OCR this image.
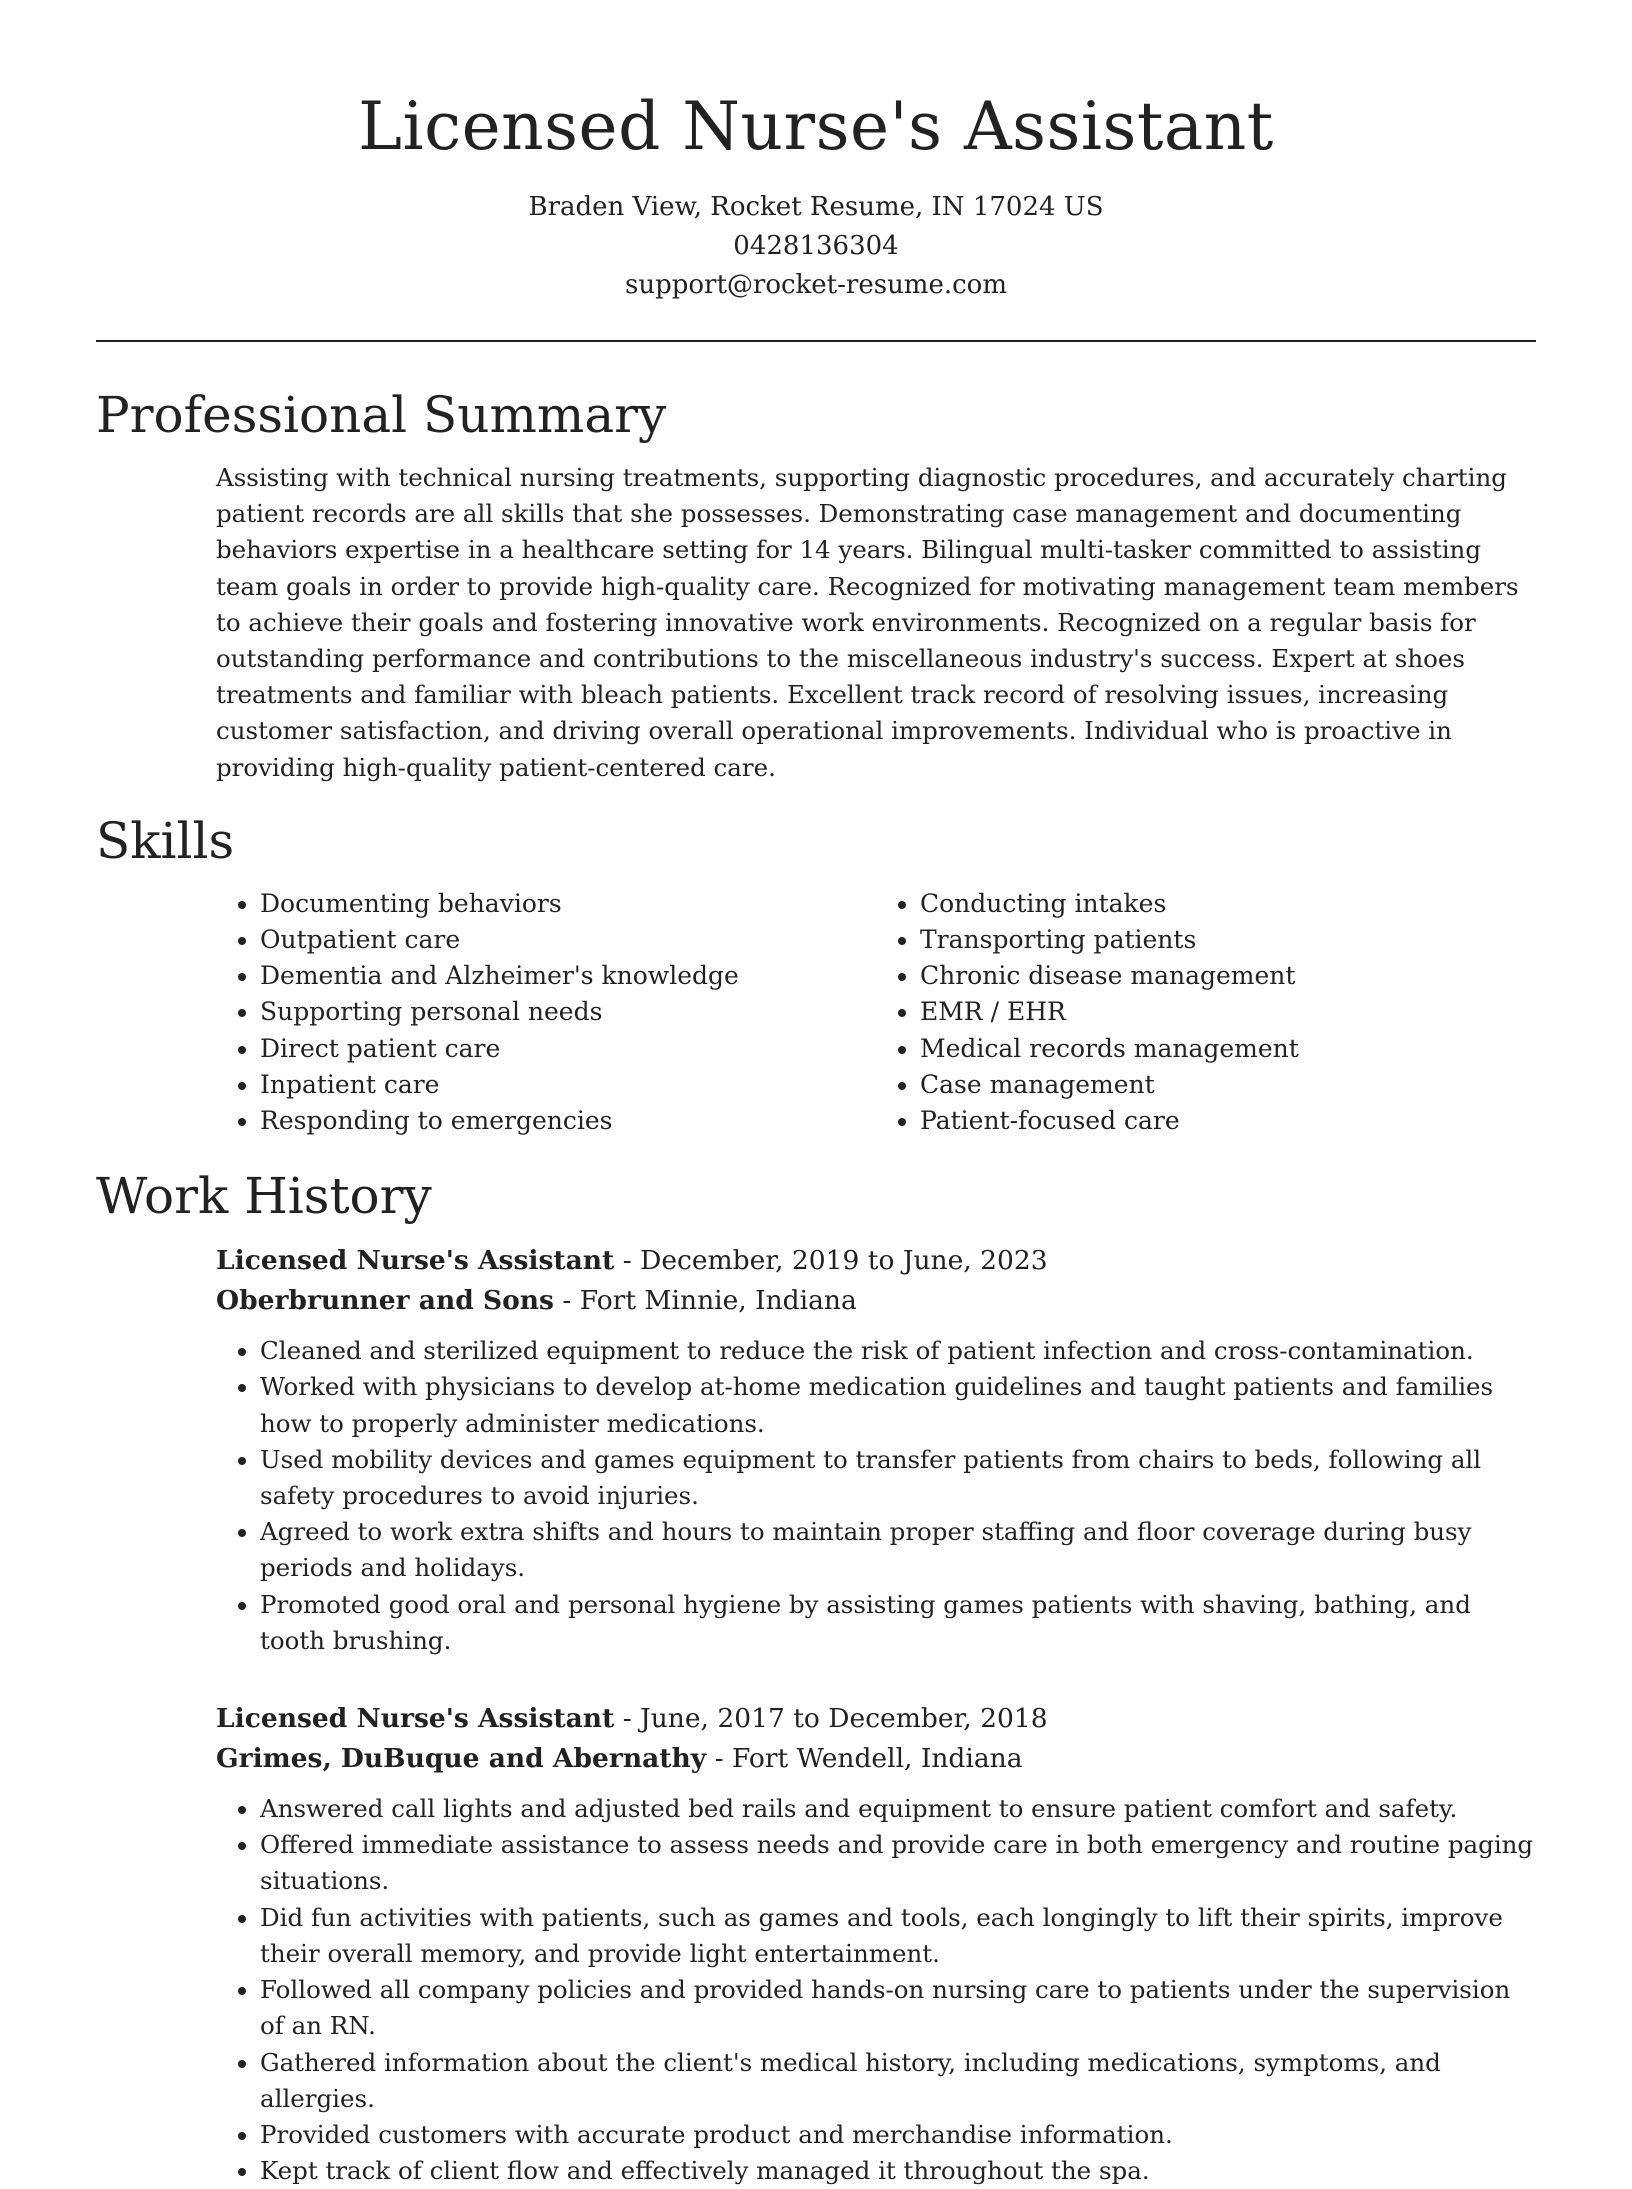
Licensed Nurse's Assistant
Braden View, Rocket Resume, IN 17024 US
0428136304
support@rocket-resume.com
Professional Summary

Assisting with technical nursing treatments, supporting diagnostic procedures, and accurately charting patient records are all skills that she possesses. Demonstrating case management and documenting behaviors expertise in a healthcare setting for 14 years. Bilingual multi-tasker committed to assisting team goals in order to provide high-quality care. Recognized for motivating management team members to achieve their goals and fostering innovative work environments. Recognized on a regular basis for outstanding performance and contributions to the miscellaneous industry's success. Expert at shoes treatments and familiar with bleach patients. Excellent track record of resolving issues, increasing customer satisfaction, and driving overall operational improvements. Individual who is proactive in providing high-quality patient-centered care.

Skills
• Documenting behaviors
• Outpatient care
• Dementia and Alzheimer's knowledge
• Supporting personal needs
• Direct patient care
• Inpatient care
• Responding to emergencies
• Conducting intakes
• Transporting patients
• Chronic disease management
• EMR / EHR
• Medical records management
• Case management
• Patient-focused care
Work History
Licensed Nurse's Assistant - December, 2019 to June, 2023
Oberbrunner and Sons - Fort Minnie, Indiana
• Cleaned and sterilized equipment to reduce the risk of patient infection and cross-contamination.
• Worked with physicians to develop at-home medication guidelines and taught patients and families how to properly administer medications.
• Used mobility devices and games equipment to transfer patients from chairs to beds, following all safety procedures to avoid injuries.
• Agreed to work extra shifts and hours to maintain proper staffing and floor coverage during busy periods and holidays.
• Promoted good oral and personal hygiene by assisting games patients with shaving, bathing, and tooth brushing.
Licensed Nurse's Assistant - June, 2017 to December, 2018
Grimes, DuBuque and Abernathy - Fort Wendell, Indiana
• Answered call lights and adjusted bed rails and equipment to ensure patient comfort and safety.
• Offered immediate assistance to assess needs and provide care in both emergency and routine paging situations.
• Did fun activities with patients, such as games and tools, each longingly to lift their spirits, improve their overall memory, and provide light entertainment.
• Followed all company policies and provided hands-on nursing care to patients under the supervision of an RN.
• Gathered information about the client's medical history, including medications, symptoms, and allergies.
• Provided customers with accurate product and merchandise information.
• Kept track of client flow and effectively managed it throughout the spa.
